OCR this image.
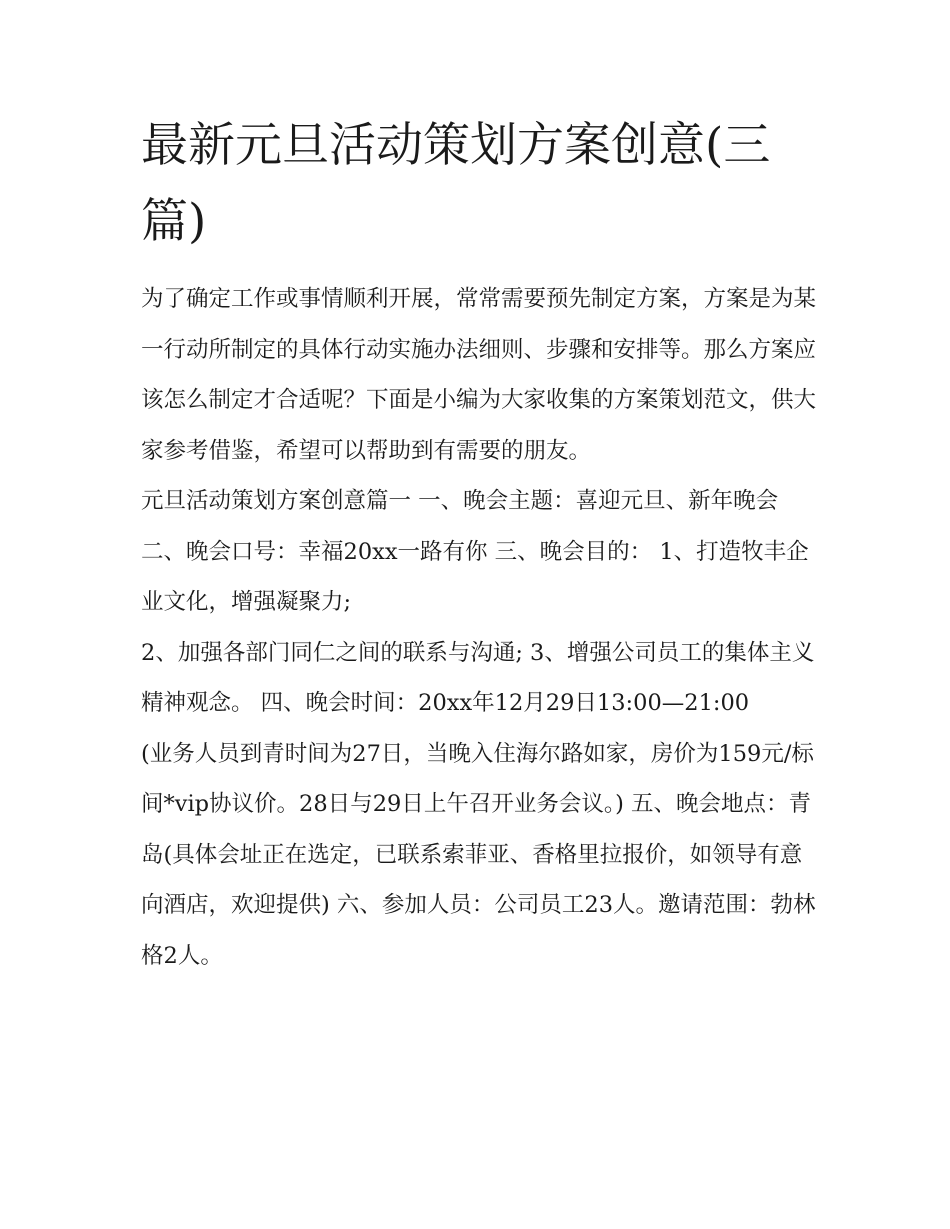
最新元旦活动策划方案创意(三篇)

为了确定工作或事情顺利开展，常常需要预先制定方案，方案是为某一行动所制定的具体行动实施办法细则、步骤和安排等。那么方案应该怎么制定才合适呢？下面是小编为大家收集的方案策划范文，供大家参考借鉴，希望可以帮助到有需要的朋友。

元旦活动策划方案创意篇一 一、晚会主题：喜迎元旦、新年晚会 二、晚会口号：幸福20xx一路有你 三、晚会目的： 1、打造牧丰企业文化，增强凝聚力;

2、加强各部门同仁之间的联系与沟通; 3、增强公司员工的集体主义精神观念。 四、晚会时间：20xx年12月29日13:00—21:00

(业务人员到青时间为27日，当晚入住海尔路如家，房价为159元/标间*vip协议价。28日与29日上午召开业务会议。) 五、晚会地点：青岛(具体会址正在选定，已联系索菲亚、香格里拉报价，如领导有意向酒店，欢迎提供) 六、参加人员：公司员工23人。邀请范围：勃林格2人。
